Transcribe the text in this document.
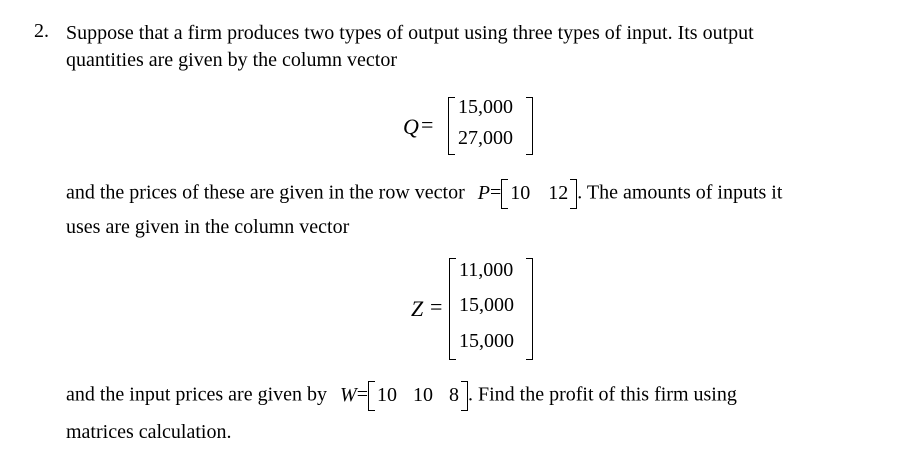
2. Suppose that a firm produces two types of output using three types of input. Its output
quantities are given by the column vector
Q =
15,000
27,000
and the prices of these are given in the row vector P= 10 12 . The amounts of inputs it
uses are given in the column vector
Z =
11,000
15,000
15,000
and the input prices are given by W= 10 10 8 . Find the profit of this firm using
matrices calculation.
